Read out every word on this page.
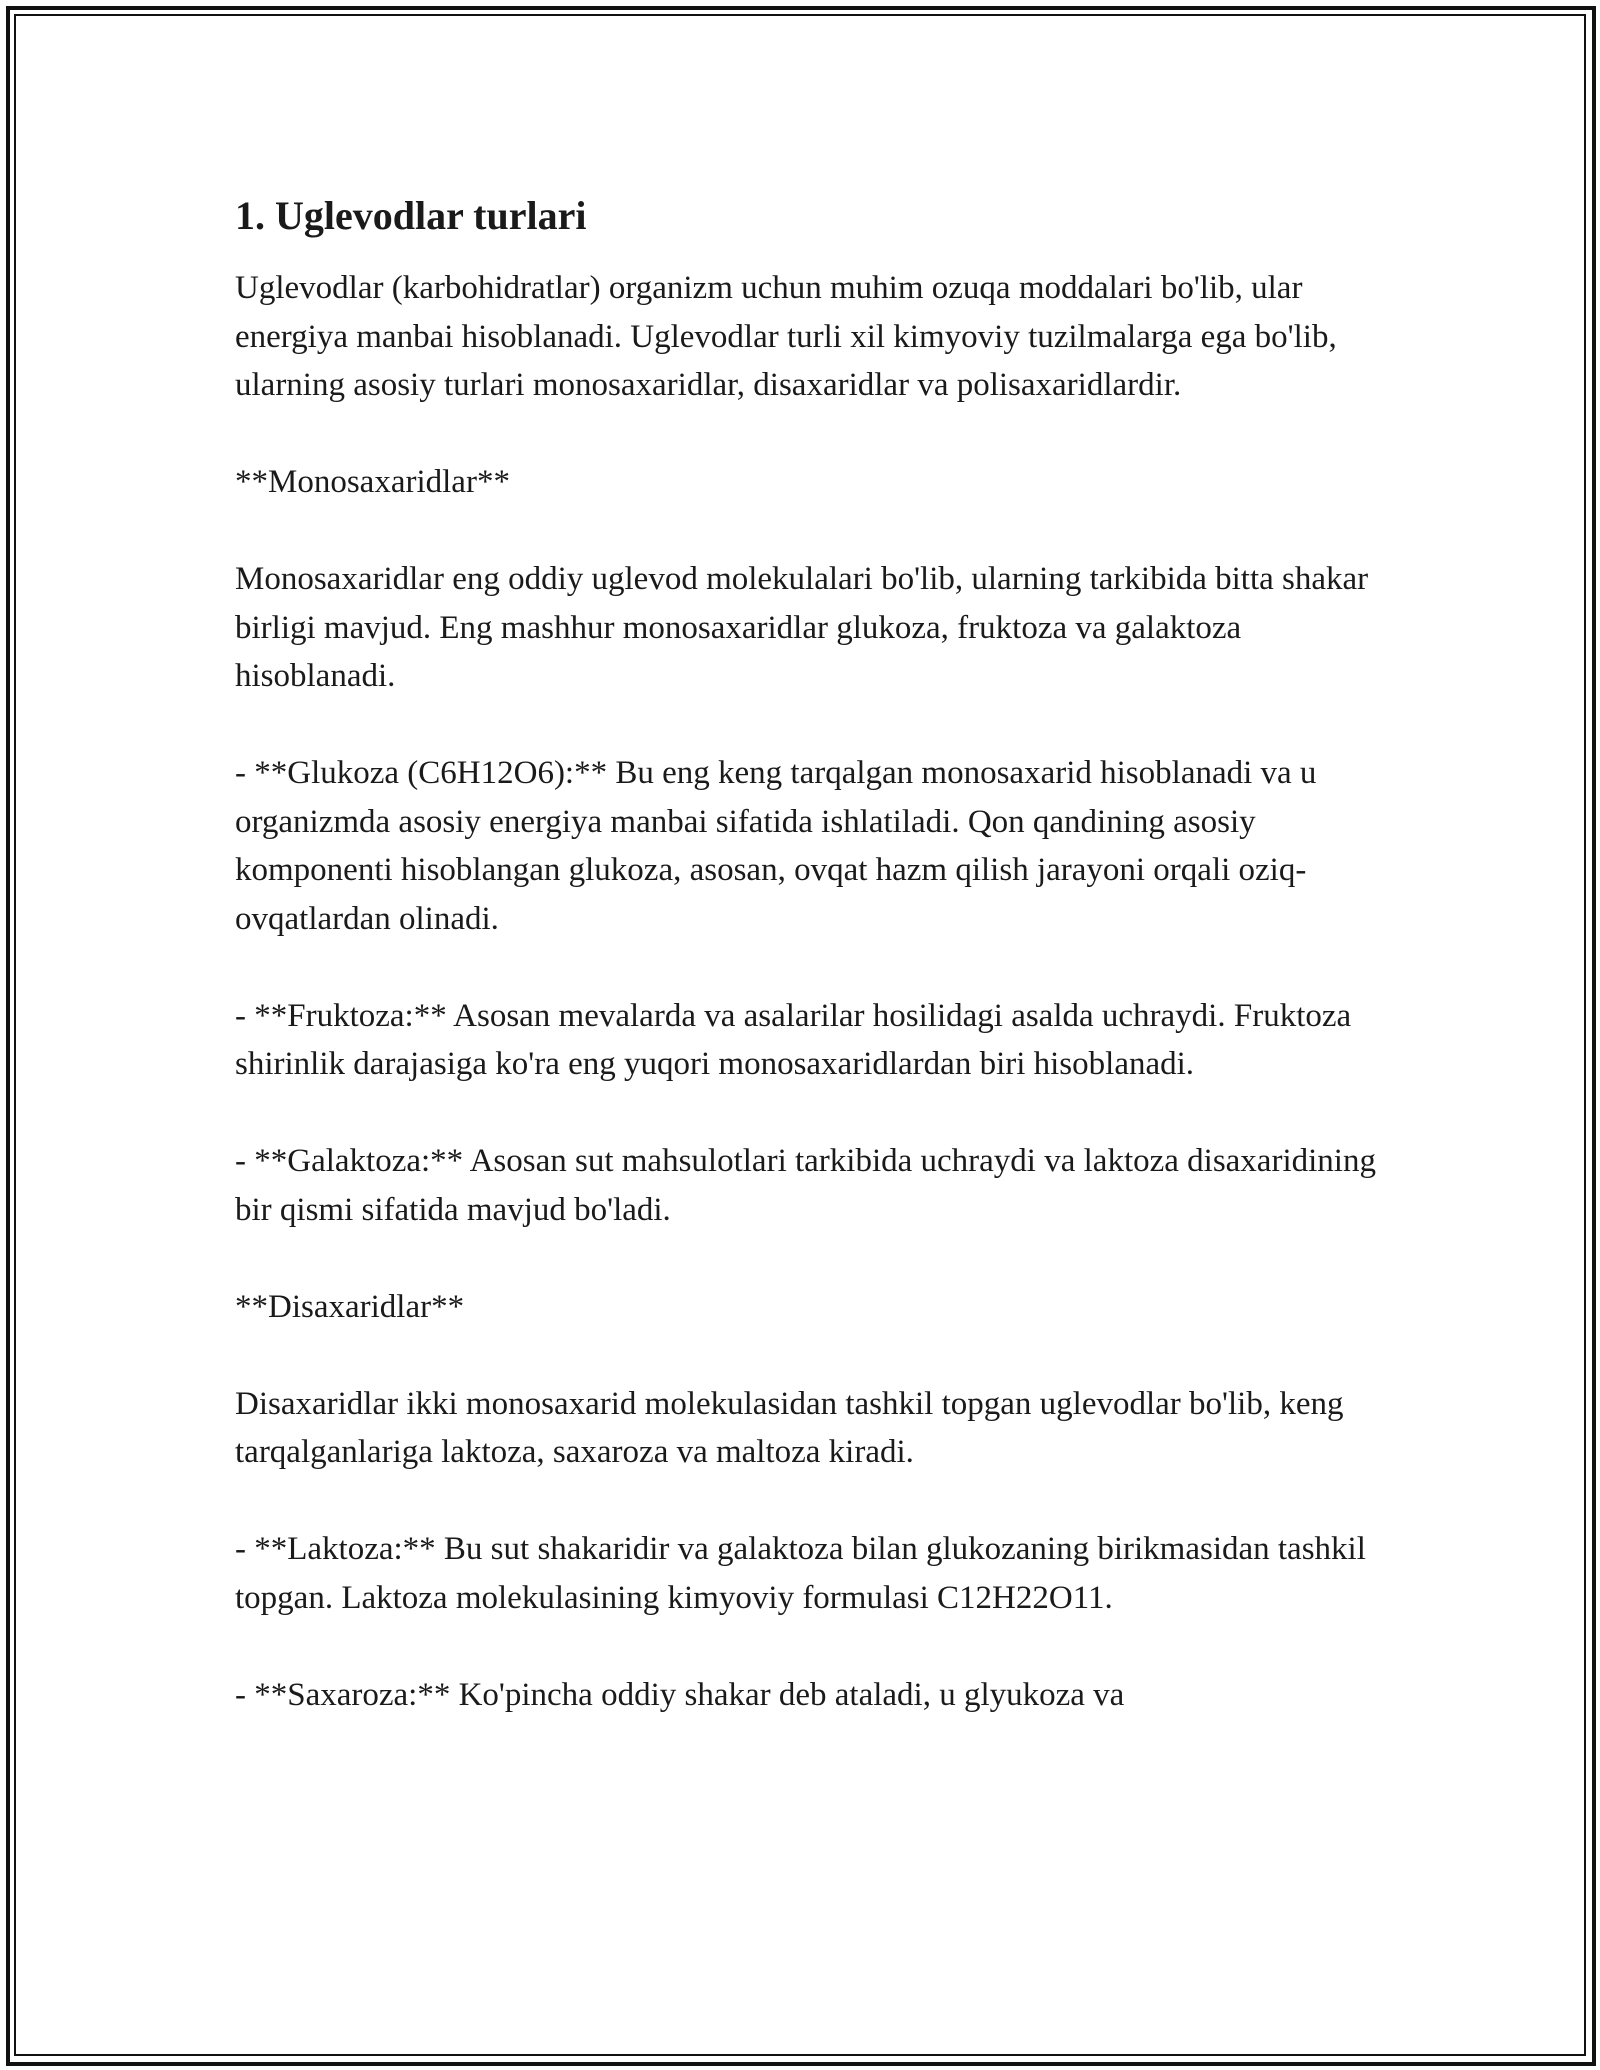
1. Uglevodlar turlari

Uglevodlar (karbohidratlar) organizm uchun muhim ozuqa moddalari bo'lib, ular energiya manbai hisoblanadi. Uglevodlar turli xil kimyoviy tuzilmalarga ega bo'lib, ularning asosiy turlari monosaxaridlar, disaxaridlar va polisaxaridlardir.

**Monosaxaridlar**

Monosaxaridlar eng oddiy uglevod molekulalari bo'lib, ularning tarkibida bitta shakar birligi mavjud. Eng mashhur monosaxaridlar glukoza, fruktoza va galaktoza hisoblanadi.

- **Glukoza (C6H12O6):** Bu eng keng tarqalgan monosaxarid hisoblanadi va u organizmda asosiy energiya manbai sifatida ishlatiladi. Qon qandining asosiy komponenti hisoblangan glukoza, asosan, ovqat hazm qilish jarayoni orqali oziq-ovqatlardan olinadi.

- **Fruktoza:** Asosan mevalarda va asalarilar hosilidagi asalda uchraydi. Fruktoza shirinlik darajasiga ko'ra eng yuqori monosaxaridlardan biri hisoblanadi.

- **Galaktoza:** Asosan sut mahsulotlari tarkibida uchraydi va laktoza disaxaridining bir qismi sifatida mavjud bo'ladi.

**Disaxaridlar**

Disaxaridlar ikki monosaxarid molekulasidan tashkil topgan uglevodlar bo'lib, keng tarqalganlariga laktoza, saxaroza va maltoza kiradi.

- **Laktoza:** Bu sut shakaridir va galaktoza bilan glukozaning birikmasidan tashkil topgan. Laktoza molekulasining kimyoviy formulasi C12H22O11.

- **Saxaroza:** Ko'pincha oddiy shakar deb ataladi, u glyukoza va
